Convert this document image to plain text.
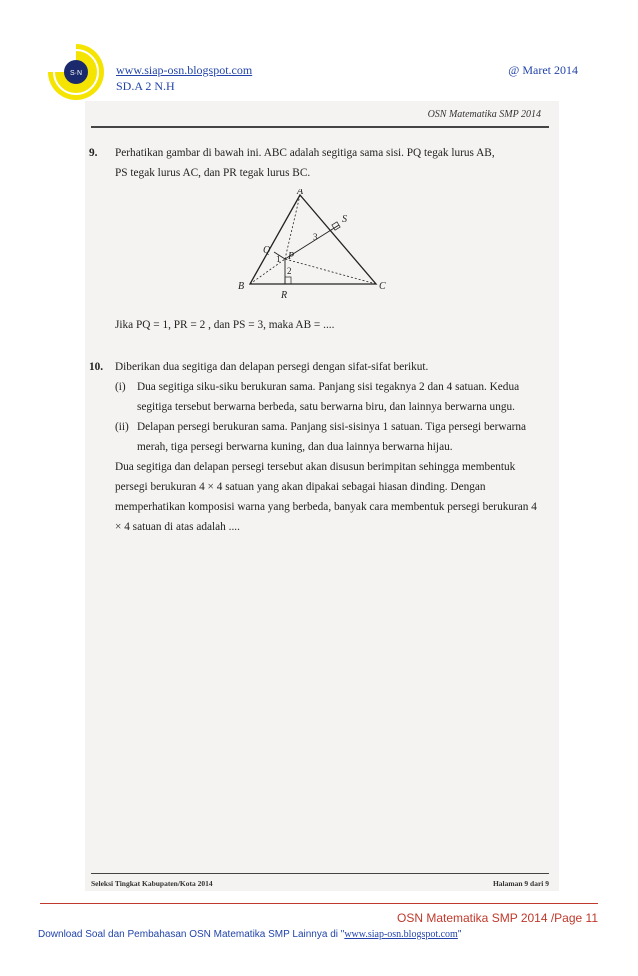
S·N	www.siap-osn.blogspot.com
SD.A 2 N.H
@ Maret 2014
OSN Matematika SMP 2014
9. Perhatikan gambar di bawah ini. ABC adalah segitiga sama sisi. PQ tegak lurus AB,
PS tegak lurus AC, dan PR tegak lurus BC.
A
B	C
P
Q
R
S
1
2
3
Jika PQ = 1, PR = 2 , dan PS = 3, maka AB = ....
10. Diberikan dua segitiga dan delapan persegi dengan sifat-sifat berikut.
(i) Dua segitiga siku-siku berukuran sama. Panjang sisi tegaknya 2 dan 4 satuan. Kedua segitiga tersebut berwarna berbeda, satu berwarna biru, dan lainnya berwarna ungu.
(ii) Delapan persegi berukuran sama. Panjang sisi-sisinya 1 satuan. Tiga persegi berwarna merah, tiga persegi berwarna kuning, dan dua lainnya berwarna hijau.
Dua segitiga dan delapan persegi tersebut akan disusun berimpitan sehingga membentuk persegi berukuran 4 × 4 satuan yang akan dipakai sebagai hiasan dinding. Dengan memperhatikan komposisi warna yang berbeda, banyak cara membentuk persegi berukuran 4 × 4 satuan di atas adalah ....
Seleksi Tingkat Kabupaten/Kota 2014	Halaman 9 dari 9
OSN Matematika SMP 2014 /Page 11
Download Soal dan Pembahasan OSN Matematika SMP Lainnya di "www.siap-osn.blogspot.com"
